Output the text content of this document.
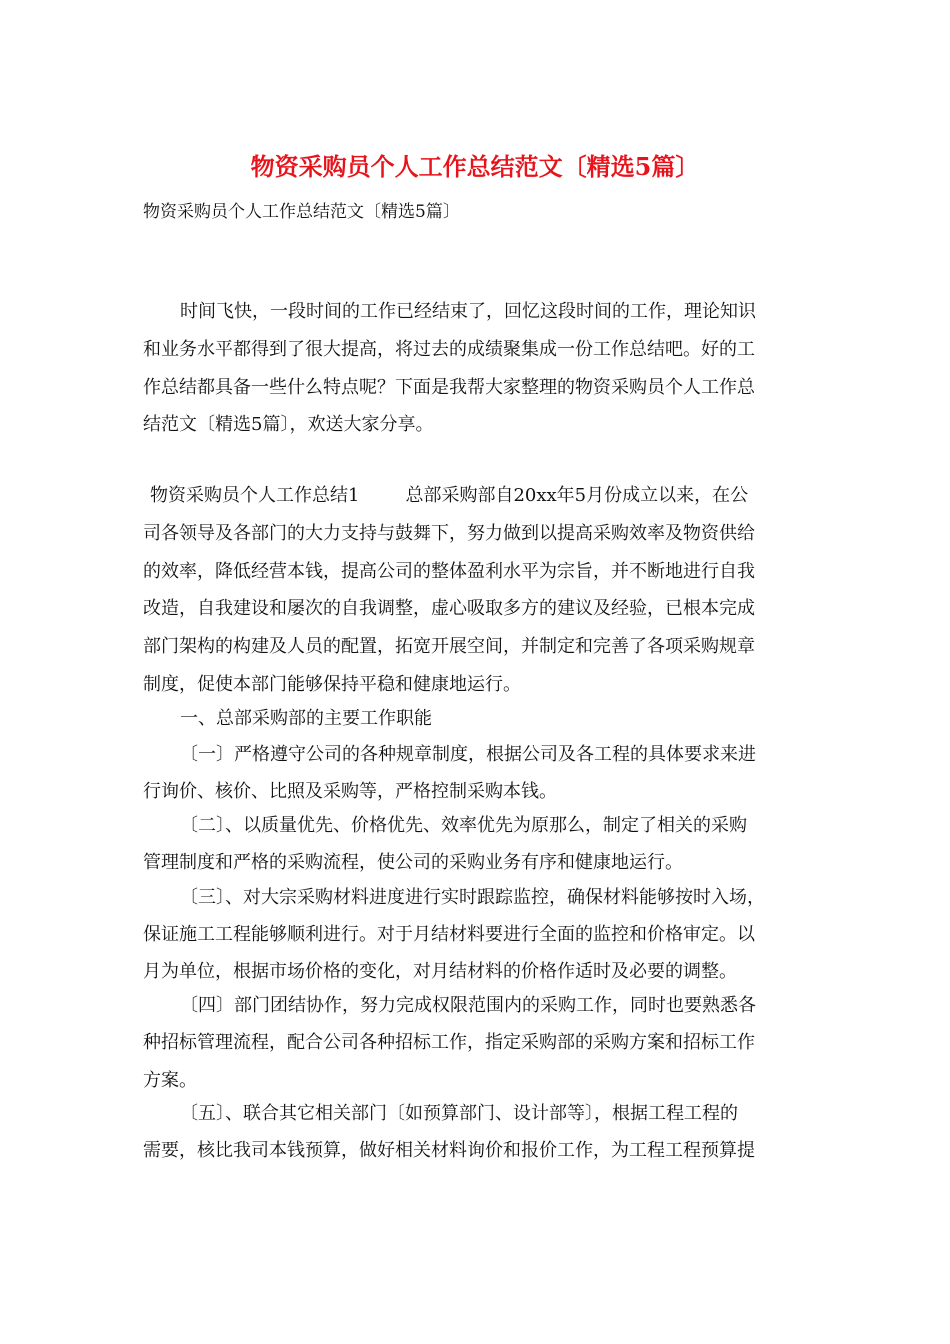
物资采购员个人工作总结范文〔精选5篇〕
物资采购员个人工作总结范文〔精选5篇〕
时间飞快，一段时间的工作已经结束了，回忆这段时间的工作，理论知识
和业务水平都得到了很大提高，将过去的成绩聚集成一份工作总结吧。好的工
作总结都具备一些什么特点呢？下面是我帮大家整理的物资采购员个人工作总
结范文〔精选5篇〕，欢送大家分享。
物资采购员个人工作总结1	总部采购部自20xx年5月份成立以来，在公
司各领导及各部门的大力支持与鼓舞下，努力做到以提高采购效率及物资供给
的效率，降低经营本钱，提高公司的整体盈利水平为宗旨，并不断地进行自我
改造，自我建设和屡次的自我调整，虚心吸取多方的建议及经验，已根本完成
部门架构的构建及人员的配置，拓宽开展空间，并制定和完善了各项采购规章
制度，促使本部门能够保持平稳和健康地运行。
一、总部采购部的主要工作职能
〔一〕严格遵守公司的各种规章制度，根据公司及各工程的具体要求来进
行询价、核价、比照及采购等，严格控制采购本钱。
〔二〕、以质量优先、价格优先、效率优先为原那么，制定了相关的采购
管理制度和严格的采购流程，使公司的采购业务有序和健康地运行。
〔三〕、对大宗采购材料进度进行实时跟踪监控，确保材料能够按时入场，
保证施工工程能够顺利进行。对于月结材料要进行全面的监控和价格审定。以
月为单位，根据市场价格的变化，对月结材料的价格作适时及必要的调整。
〔四〕部门团结协作，努力完成权限范围内的采购工作，同时也要熟悉各
种招标管理流程，配合公司各种招标工作，指定采购部的采购方案和招标工作
方案。
〔五〕、联合其它相关部门〔如预算部门、设计部等〕，根据工程工程的
需要，核比我司本钱预算，做好相关材料询价和报价工作，为工程工程预算提
